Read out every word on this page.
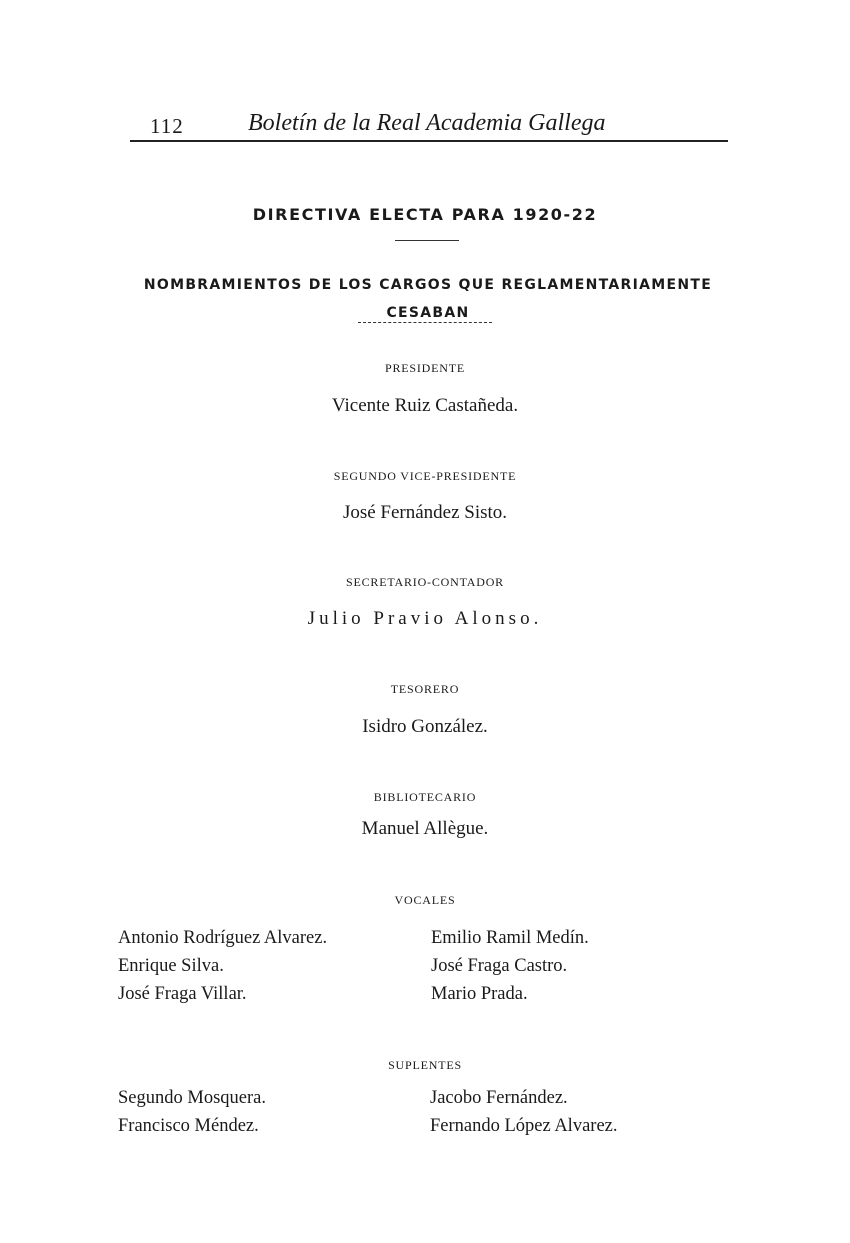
112	Boletín de la Real Academia Gallega
DIRECTIVA ELECTA PARA 1920-22
NOMBRAMIENTOS DE LOS CARGOS QUE REGLAMENTARIAMENTE CESABAN
PRESIDENTE
Vicente Ruiz Castañeda.
SEGUNDO VICE-PRESIDENTE
José Fernández Sisto.
SECRETARIO-CONTADOR
Julio Pravio Alonso.
TESORERO
Isidro González.
BIBLIOTECARIO
Manuel Allègue.
VOCALES
Antonio Rodríguez Alvarez.
Enrique Silva.
José Fraga Villar.
Emilio Ramil Medín.
José Fraga Castro.
Mario Prada.
SUPLENTES
Segundo Mosquera.
Francisco Méndez.
Jacobo Fernández.
Fernando López Alvarez.
